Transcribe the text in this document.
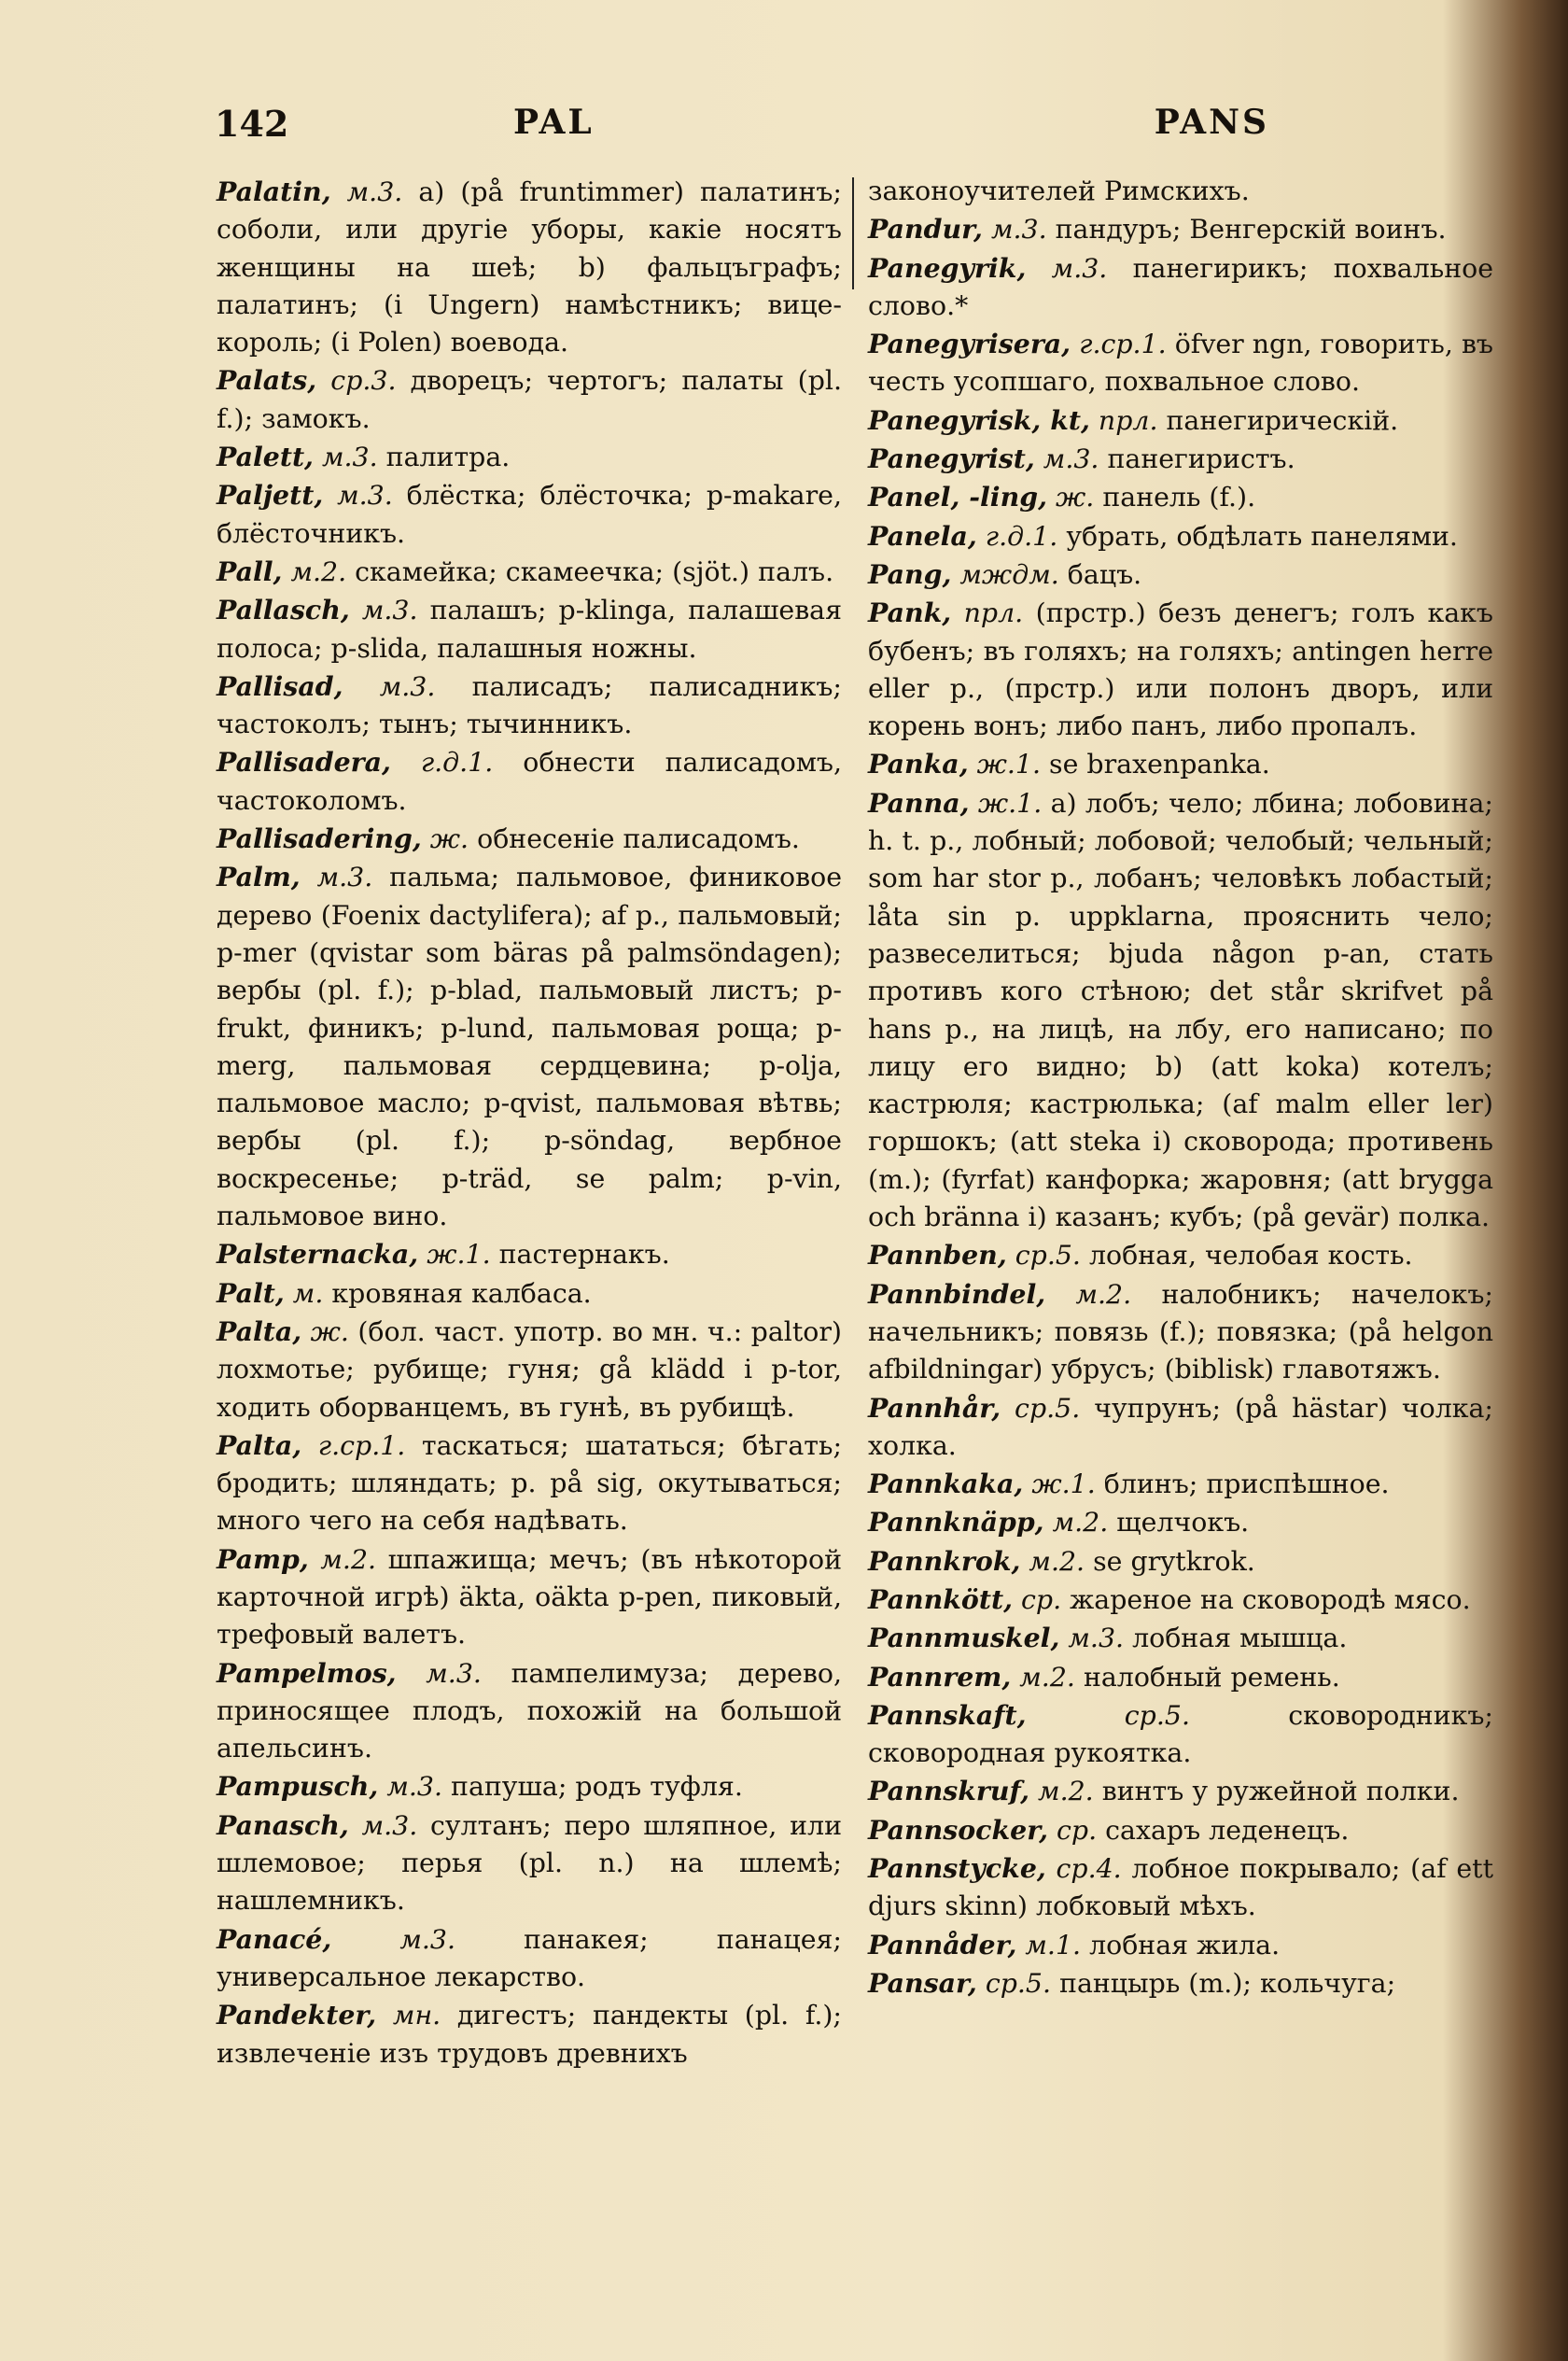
142	PAL	PANS

Palatin, м.3. a) (på fruntimmer) палатинъ; соболи, или другіе уборы, какіе носятъ женщины на шеѣ; b) фальцъграфъ; палатинъ; (i Ungern) намѣстникъ; вице-король; (i Polen) воевода.

Palats, ср.3. дворецъ; чертогъ; палаты (pl. f.); замокъ.

Palett, м.3. палитра.

Paljett, м.3. блёстка; блёсточка; p-makare, блёсточникъ.

Pall, м.2. скамейка; скамеечка; (sjöt.) палъ.

Pallasch, м.3. палашъ; p-klinga, палашевая полоса; p-slida, палашныя ножны.

Pallisad, м.3. палисадъ; палисадникъ; частоколъ; тынъ; тычинникъ.

Pallisadera, г.д.1. обнести палисадомъ, частоколомъ.

Pallisadering, ж. обнесеніе палисадомъ.

Palm, м.3. пальма; пальмовое, финиковое дерево (Foenix dactylifera); af p., пальмовый; p-mer (qvistar som bäras på palmsöndagen); вербы (pl. f.); p-blad, пальмовый листъ; p-frukt, финикъ; p-lund, пальмовая роща; p-merg, пальмовая сердцевина; p-olja, пальмовое масло; p-qvist, пальмовая вѣтвь; вербы (pl. f.); p-söndag, вербное воскресенье; p-träd, se palm; p-vin, пальмовое вино.

Palsternacka, ж.1. пастернакъ.

Palt, м. кровяная калбаса.

Palta, ж. (бол. част. употр. во мн. ч.: paltor) лохмотье; рубище; гуня; gå klädd i p-tor, ходить оборванцемъ, въ гунѣ, въ рубищѣ.

Palta, г.ср.1. таскаться; шататься; бѣгать; бродить; шляндать; p. på sig, окутываться; много чего на себя надѣвать.

Pamp, м.2. шпажища; мечъ; (въ нѣкоторой карточной игрѣ) äkta, oäkta p-pen, пиковый, трефовый валетъ.

Pampelmos, м.3. пампелимуза; дерево, приносящее плодъ, похожій на большой апельсинъ.

Pampusch, м.3. папуша; родъ туфля.

Panasch, м.3. султанъ; перо шляпное, или шлемовое; перья (pl. n.) на шлемѣ; нашлемникъ.

Panacé,	м.3.	панакея; панацея; универсальное лекарство.

Pandekter, мн. дигестъ; пандекты (pl. f.); извлеченіе изъ трудовъ древнихъ

законоучителей Римскихъ.

Pandur, м.3. пандуръ; Венгерскій воинъ.

Panegyrik, м.3. панегирикъ; похвальное слово.*

Panegyrisera, г.ср.1. öfver ngn, говорить, въ честь усопшаго, похвальное слово.

Panegyrisk, kt, прл. панегирическій.

Panegyrist, м.3. панегиристъ.

Panel, -ling, ж. панель (f.).

Panela, г.д.1. убрать, обдѣлать панелями.

Pang, мждм. бацъ.

Pank, прл. (прстр.) безъ денегъ; голъ какъ бубенъ; въ голяхъ; на голяхъ; antingen herre eller p., (прстр.) или полонъ дворъ, или корень вонъ; либо панъ, либо пропалъ.

Panka, ж.1. se braxenpanka.

Panna, ж.1. a) лобъ; чело; лбина; лобовина; h. t. p., лобный; лобовой; челобый; чельный; som har stor p., лобанъ; человѣкъ лобастый; låta sin p. uppklarna, прояснить чело; развеселиться; bjuda någon p-an, стать противъ кого стѣною; det står skrifvet på hans p., на лицѣ, на лбу, его написано; по лицу его видно; b) (att koka) котелъ; кастрюля; кастрюлька; (af malm eller ler) горшокъ; (att steka i) сковорода; противень (m.); (fyrfat) канфорка; жаровня; (att brygga och bränna i) казанъ; кубъ; (på gevär) полка.

Pannben, ср.5. лобная, челобая кость.

Pannbindel, м.2. налобникъ; начелокъ; начельникъ; повязь (f.); повязка; (på helgon afbildningar) убрусъ; (biblisk) главотяжъ.

Pannhår, ср.5. чупрунъ; (på hästar) чолка; холка.

Pannkaka, ж.1. блинъ; приспѣшное.

Pannknäpp, м.2. щелчокъ.

Pannkrok, м.2. se grytkrok.

Pannkött, ср. жареное на сковородѣ мясо.

Pannmuskel, м.3. лобная мышца.

Pannrem, м.2. налобный ремень.

Pannskaft,	ср.5.	сковородникъ; сковородная рукоятка.

Pannskruf, м.2. винтъ у ружейной полки.

Pannsocker, ср. сахаръ леденецъ.

Pannstycke, ср.4. лобное покрывало; (af ett djurs skinn) лобковый мѣхъ.

Pannåder, м.1. лобная жила.

Pansar, ср.5. панцырь (m.); кольчуга;
